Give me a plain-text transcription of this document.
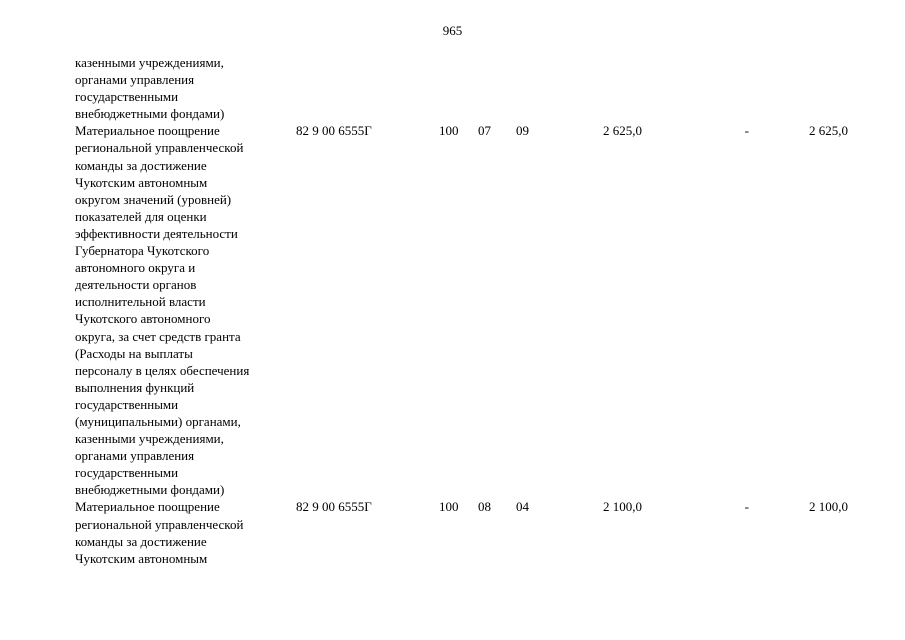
965
казенными учреждениями,
органами управления
государственными
внебюджетными фондами)
Материальное поощрение
региональной управленческой
команды за достижение
Чукотским автономным
округом значений (уровней)
показателей для оценки
эффективности деятельности
Губернатора Чукотского
автономного округа и
деятельности органов
исполнительной власти
Чукотского автономного
округа, за счет средств гранта
(Расходы на выплаты
персоналу в целях обеспечения
выполнения функций
государственными
(муниципальными) органами,
казенными учреждениями,
органами управления
государственными
внебюджетными фондами)
82 9 00 6555Г	100 07 09	2 625,0	-	2 625,0
Материальное поощрение
региональной управленческой
команды за достижение
Чукотским автономным
82 9 00 6555Г	100 08 04	2 100,0	-	2 100,0
